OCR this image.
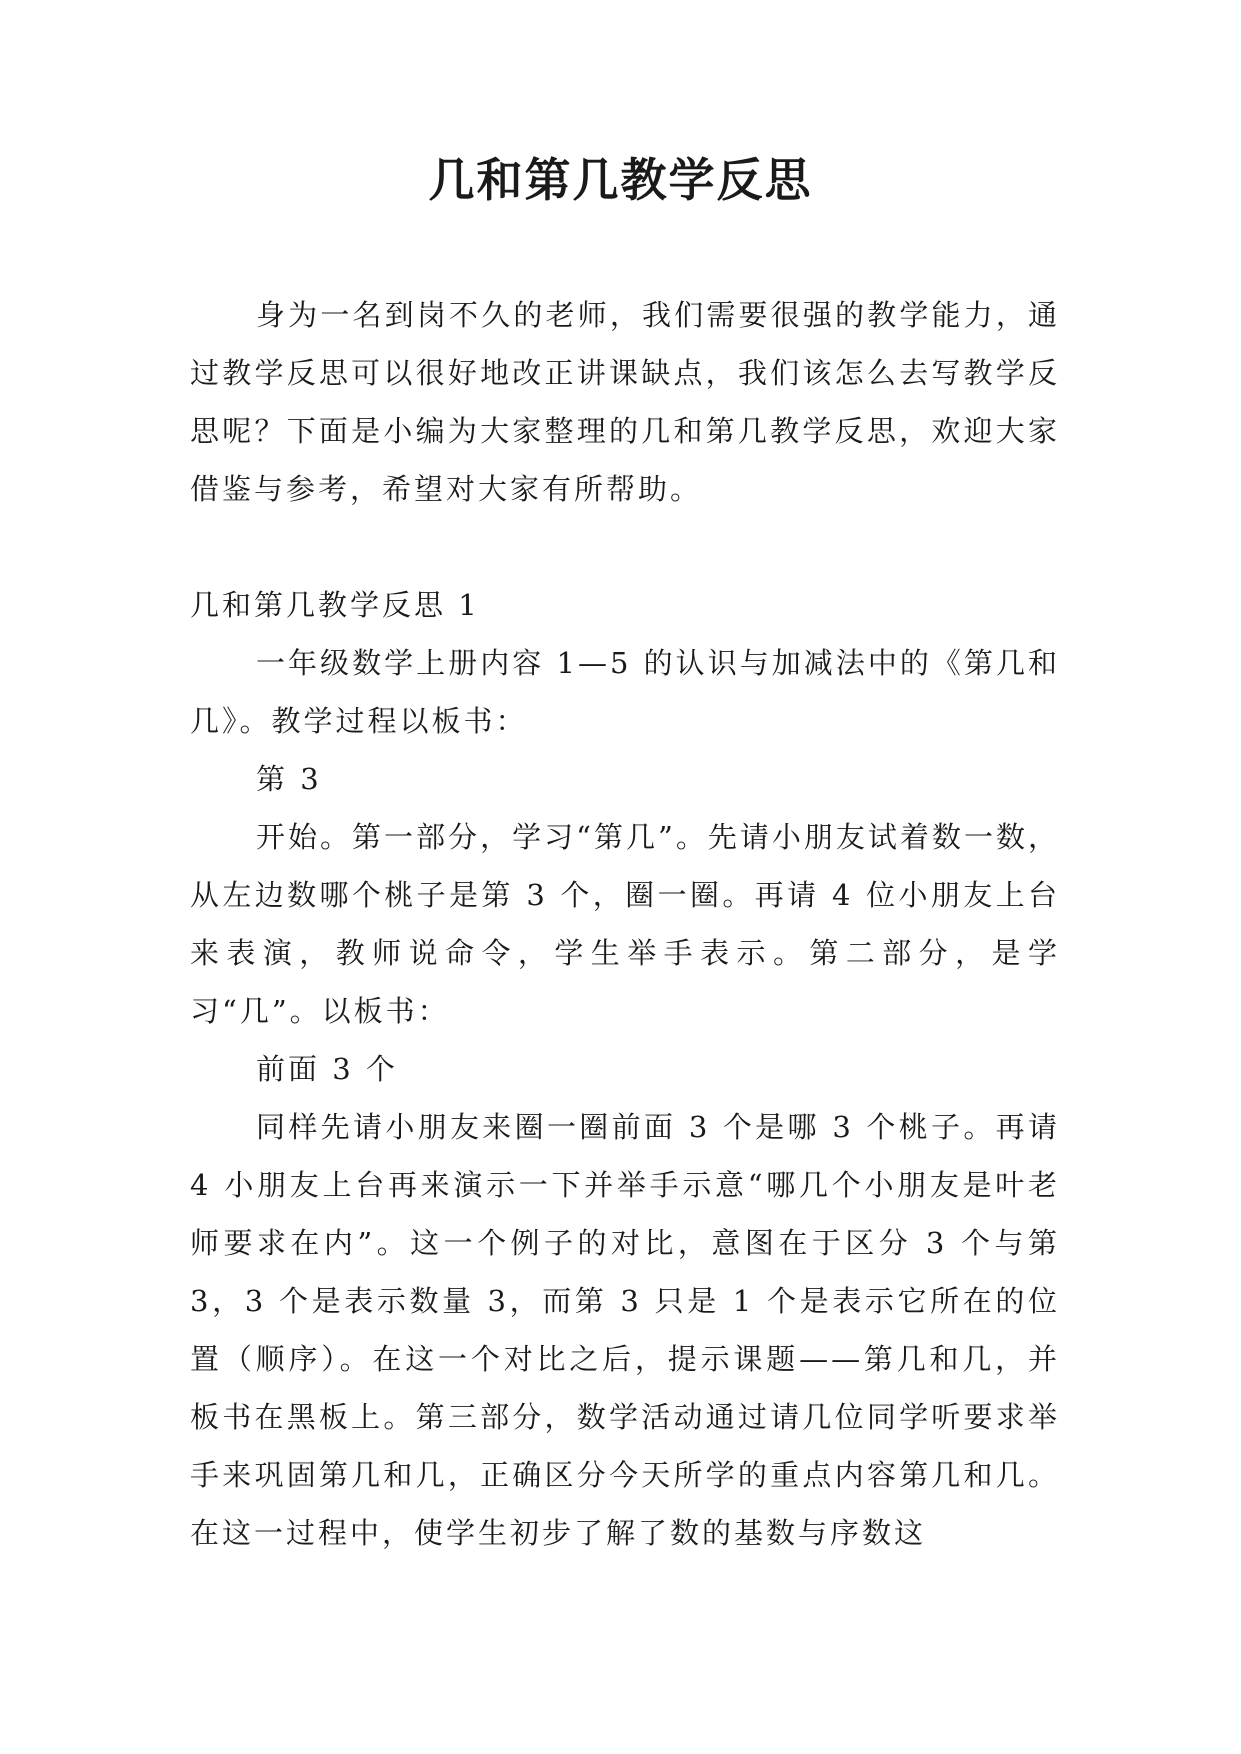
几和第几教学反思

身为一名到岗不久的老师，我们需要很强的教学能力，通过教学反思可以很好地改正讲课缺点，我们该怎么去写教学反思呢？下面是小编为大家整理的几和第几教学反思，欢迎大家借鉴与参考，希望对大家有所帮助。

几和第几教学反思 1

一年级数学上册内容 1—5 的认识与加减法中的《第几和几》。教学过程以板书：

第 3

开始。第一部分，学习“第几”。先请小朋友试着数一数，从左边数哪个桃子是第 3 个，圈一圈。再请 4 位小朋友上台来表演，教师说命令，学生举手表示。第二部分，是学习“几”。以板书：

前面 3 个

同样先请小朋友来圈一圈前面 3 个是哪 3 个桃子。再请 4 小朋友上台再来演示一下并举手示意“哪几个小朋友是叶老师要求在内”。这一个例子的对比，意图在于区分 3 个与第 3，3 个是表示数量 3，而第 3 只是 1 个是表示它所在的位置（顺序）。在这一个对比之后，提示课题——第几和几，并板书在黑板上。第三部分，数学活动通过请几位同学听要求举手来巩固第几和几，正确区分今天所学的重点内容第几和几。在这一过程中，使学生初步了解了数的基数与序数这
